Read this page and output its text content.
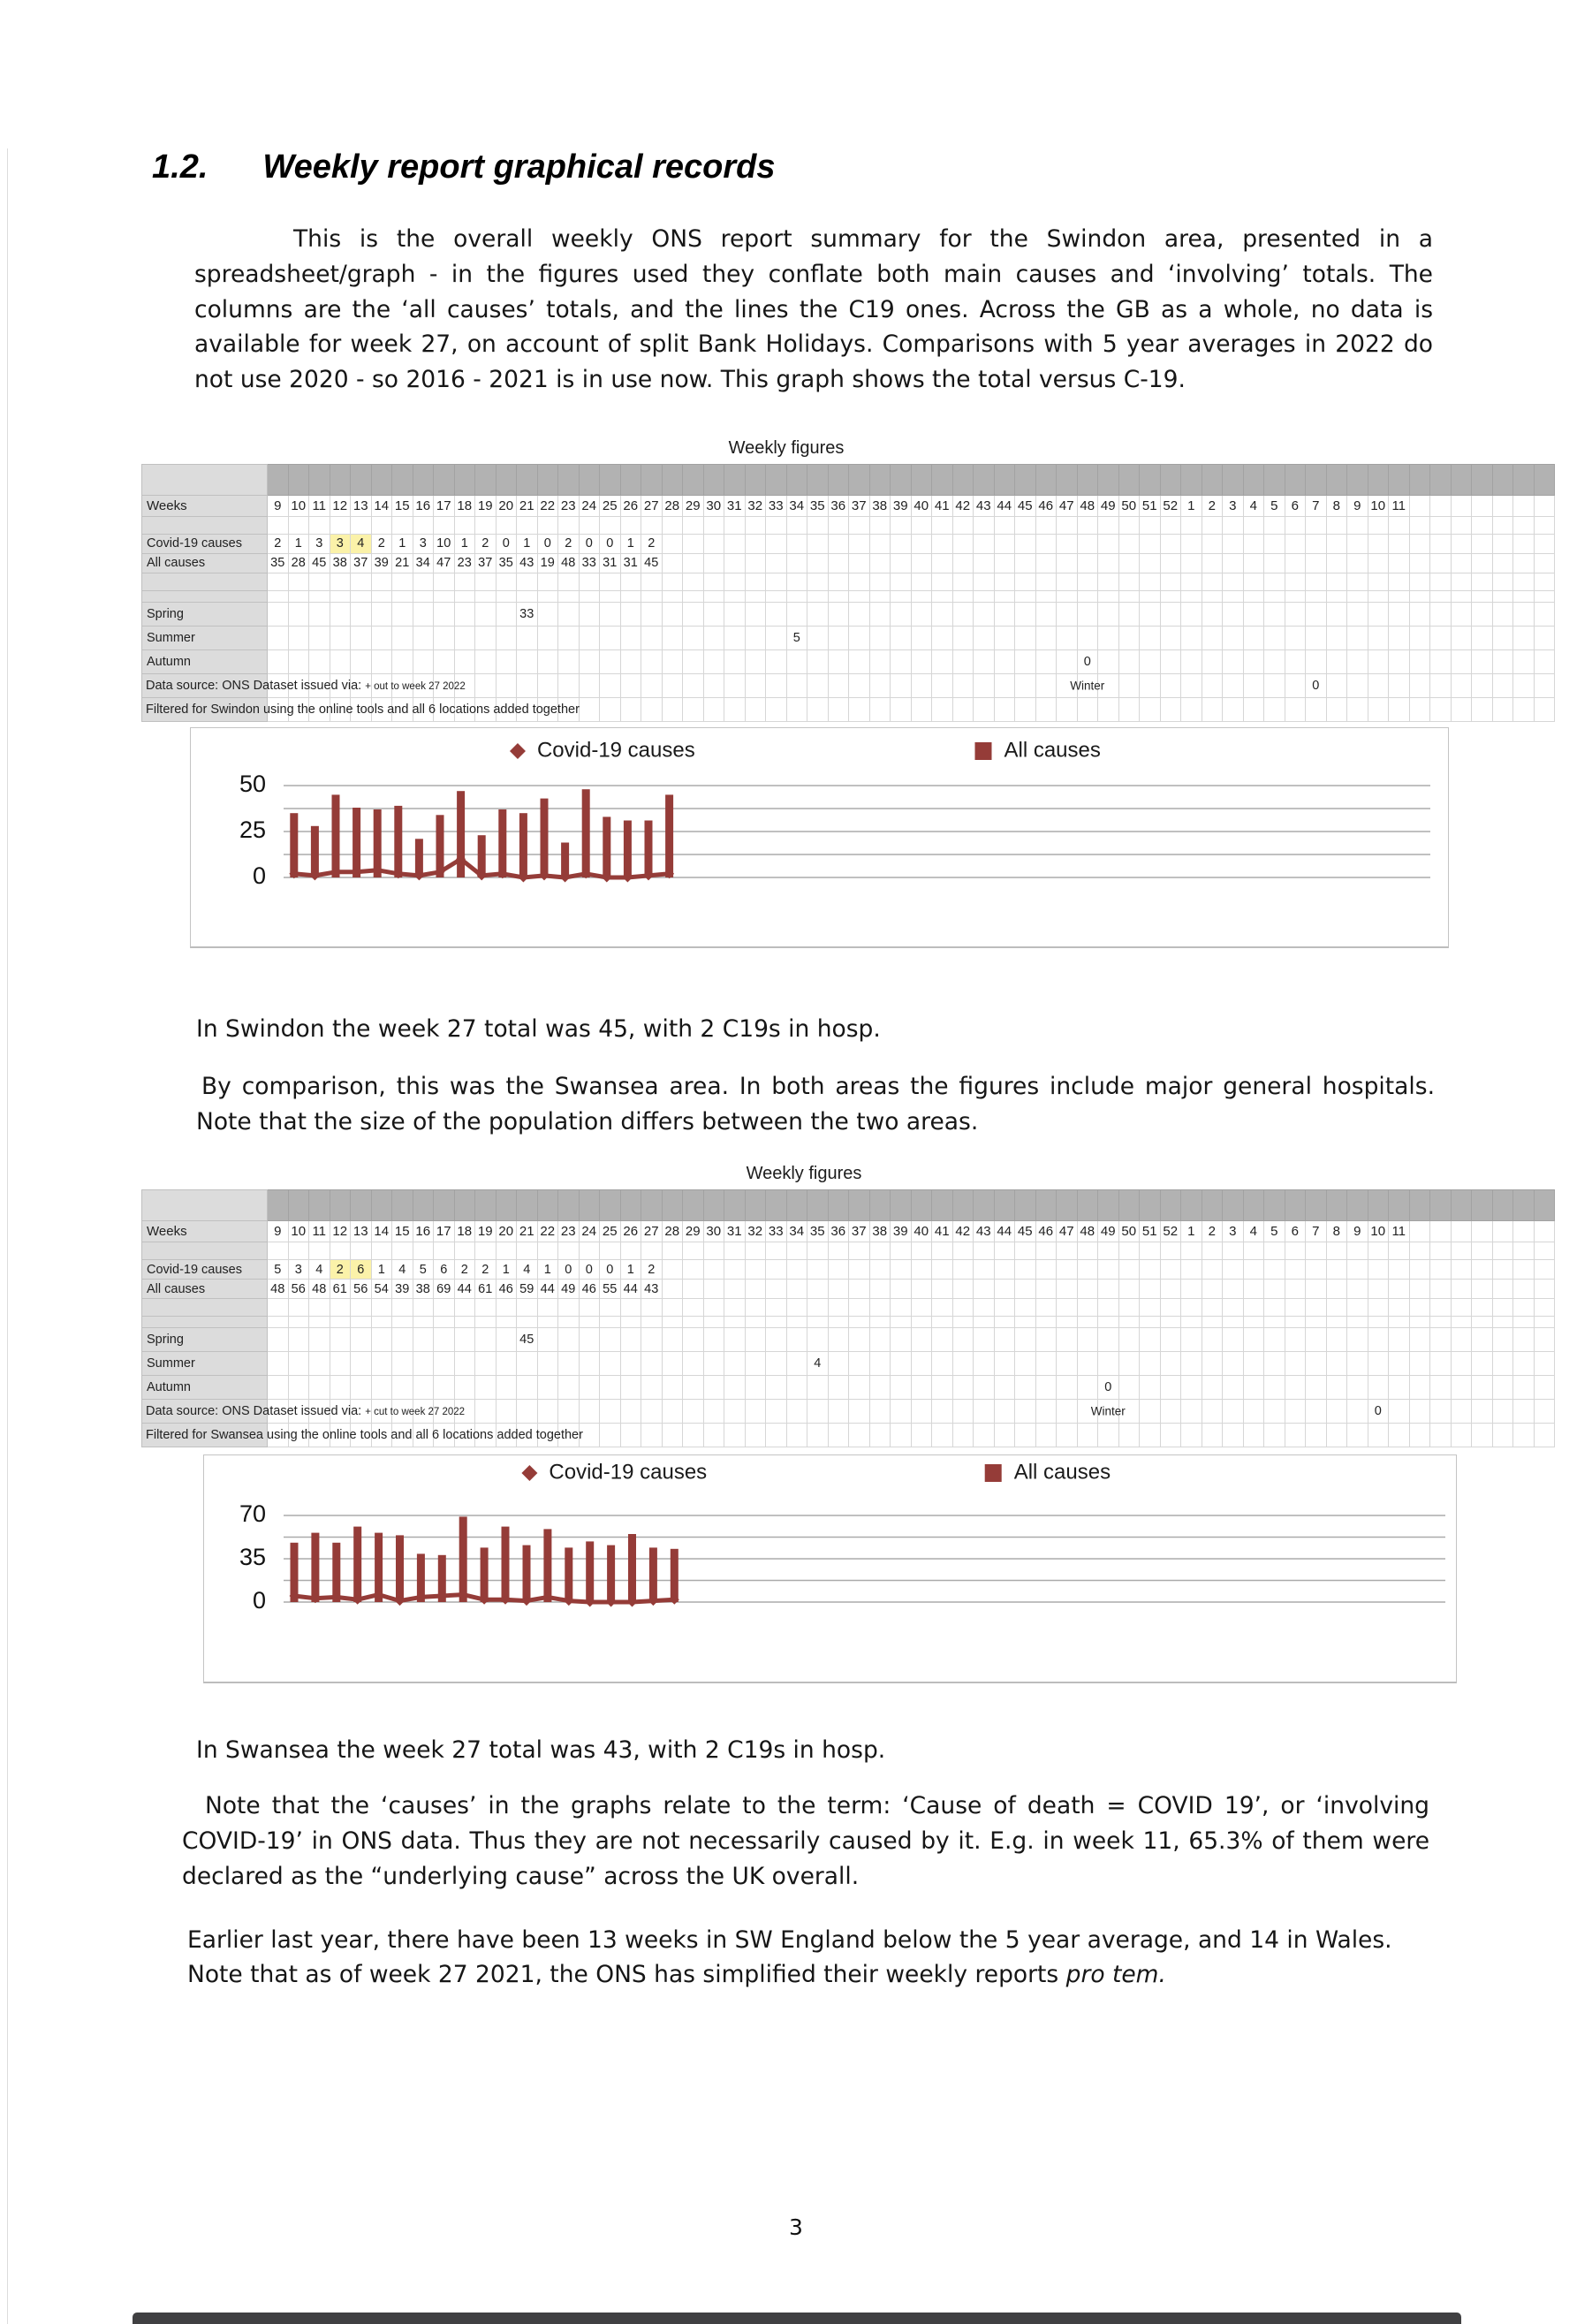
1.2. Weekly report graphical records
This is the overall weekly ONS report summary for the Swindon area, presented in a spreadsheet/graph - in the figures used they conflate both main causes and ‘involving’ totals. The columns are the ‘all causes’ totals, and the lines the C19 ones. Across the GB as a whole, no data is available for week 27, on account of split Bank Holidays. Comparisons with 5 year averages in 2022 do not use 2020 - so 2016 - 2021 is in use now. This graph shows the total versus C-19.
Weekly figures

Weeks	9	10	11	12	13	14	15	16	17	18	19	20	21	22	23	24	25	26	27	28	29	30	31	32	33	34	35	36	37	38	39	40	41	42	43	44	45	46	47	48	49	50	51	52	1	2	3	4	5	6	7	8	9	10	11							

Covid-19 causes	2	1	3	3	4	2	1	3	10	1	2	0	1	0	2	0	0	1	2																																											
All causes	35	28	45	38	37	39	21	34	47	23	37	35	43	19	48	33	31	31	45																																											

Spring													33																																																	
Summer																										5																																				
Autumn																																								0																						

Data source: ONS Dataset issued via: + out to week 27 2022																																								Winter											0											

Filtered for Swindon using the online tools and all 6 locations added together																																																														

50
25
0
Covid-19 causes	All causes
In Swindon the week 27 total was 45, with 2 C19s in hosp.
By comparison, this was the Swansea area. In both areas the figures include major general hospitals. Note that the size of the population differs between the two areas.
Weekly figures

Weeks	9	10	11	12	13	14	15	16	17	18	19	20	21	22	23	24	25	26	27	28	29	30	31	32	33	34	35	36	37	38	39	40	41	42	43	44	45	46	47	48	49	50	51	52	1	2	3	4	5	6	7	8	9	10	11							

Covid-19 causes	5	3	4	2	6	1	4	5	6	2	2	1	4	1	0	0	0	1	2																																											
All causes	48	56	48	61	56	54	39	38	69	44	61	46	59	44	49	46	55	44	43																																											

Spring													45																																																	
Summer																											4																																			
Autumn																																									0																					

Data source: ONS Dataset issued via: + cut to week 27 2022																																									Winter													0								

Filtered for Swansea using the online tools and all 6 locations added together																																																														

70
35
0
Covid-19 causes	All causes
In Swansea the week 27 total was 43, with 2 C19s in hosp.
Note that the ‘causes’ in the graphs relate to the term: ‘Cause of death = COVID 19’, or ‘involving COVID-19’ in ONS data. Thus they are not necessarily caused by it. E.g. in week 11, 65.3% of them were declared as the “underlying cause” across the UK overall.
Earlier last year, there have been 13 weeks in SW England below the 5 year average, and 14 in Wales. Note that as of week 27 2021, the ONS has simplified their weekly reports pro tem.
3
